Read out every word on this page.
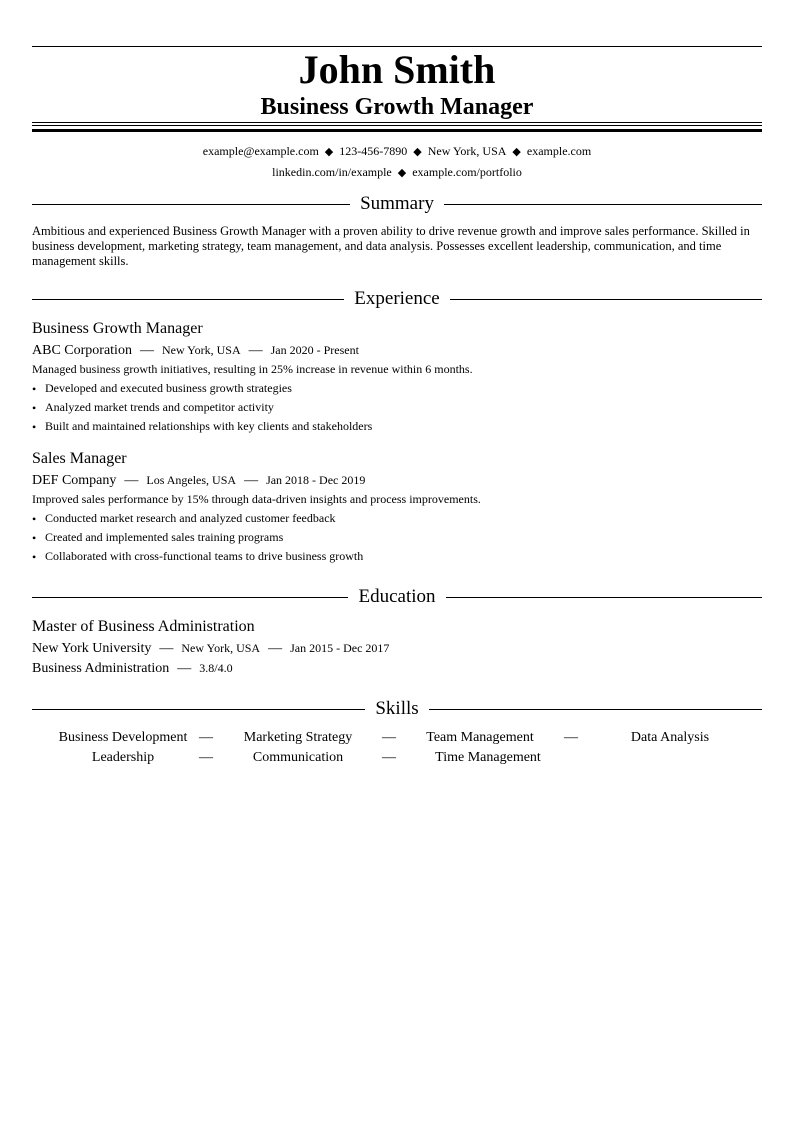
John Smith
Business Growth Manager
example@example.com ◆ 123-456-7890 ◆ New York, USA ◆ example.com
linkedin.com/in/example ◆ example.com/portfolio
Summary
Ambitious and experienced Business Growth Manager with a proven ability to drive revenue growth and improve sales performance. Skilled in business development, marketing strategy, team management, and data analysis. Possesses excellent leadership, communication, and time management skills.
Experience
Business Growth Manager
ABC Corporation — New York, USA — Jan 2020 - Present
Managed business growth initiatives, resulting in 25% increase in revenue within 6 months.
• Developed and executed business growth strategies
• Analyzed market trends and competitor activity
• Built and maintained relationships with key clients and stakeholders
Sales Manager
DEF Company — Los Angeles, USA — Jan 2018 - Dec 2019
Improved sales performance by 15% through data-driven insights and process improvements.
• Conducted market research and analyzed customer feedback
• Created and implemented sales training programs
• Collaborated with cross-functional teams to drive business growth
Education
Master of Business Administration
New York University — New York, USA — Jan 2015 - Dec 2017
Business Administration — 3.8/4.0
Skills
Business Development —	Marketing Strategy	—	Team Management	—	Data Analysis
Leadership	—	Communication	—	Time Management
